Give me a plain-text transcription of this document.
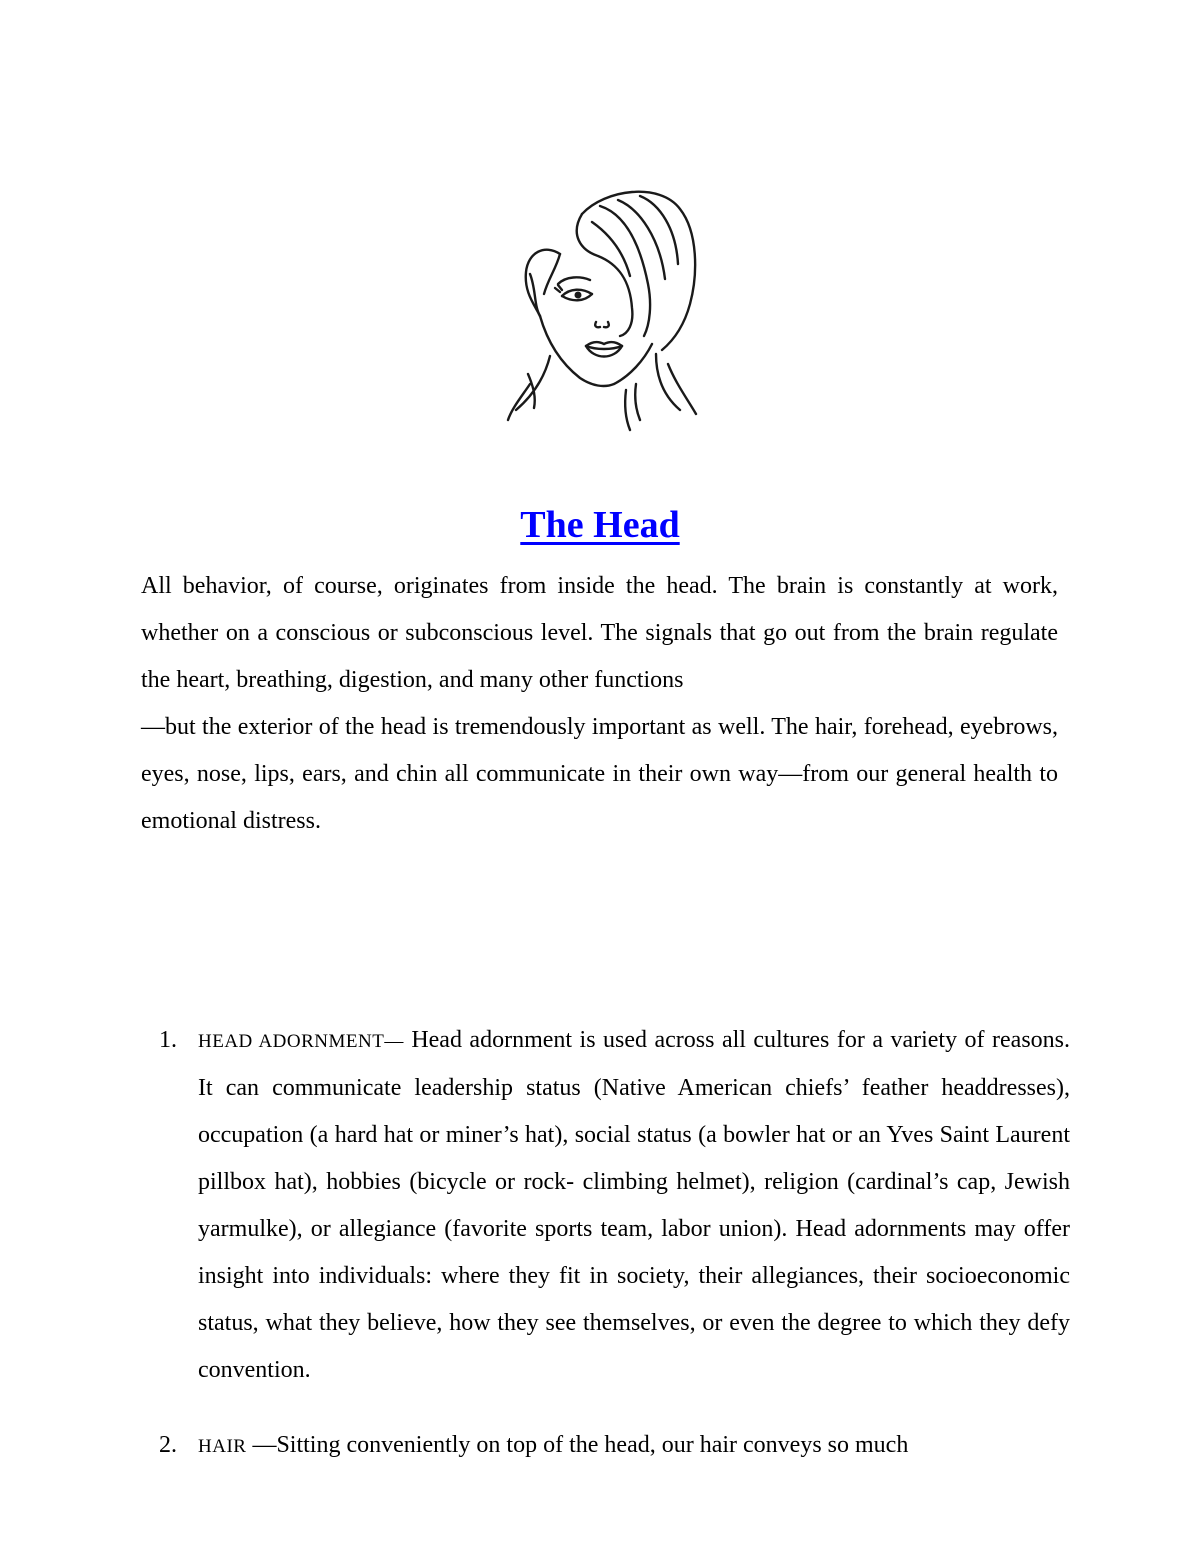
The Head

All behavior, of course, originates from inside the head. The brain is constantly at work, whether on a conscious or subconscious level. The signals that go out from the brain regulate the heart, breathing, digestion, and many other functions

—but the exterior of the head is tremendously important as well. The hair, forehead, eyebrows, eyes, nose, lips, ears, and chin all communicate in their own way—from our general health to emotional distress.

1. HEAD ADORNMENT— Head adornment is used across all cultures for a variety of reasons. It can communicate leadership status (Native American chiefs’ feather headdresses), occupation (a hard hat or miner’s hat), social status (a bowler hat or an Yves Saint Laurent pillbox hat), hobbies (bicycle or rock- climbing helmet), religion (cardinal’s cap, Jewish yarmulke), or allegiance (favorite sports team, labor union). Head adornments may offer insight into individuals: where they fit in society, their allegiances, their socioeconomic status, what they believe, how they see themselves, or even the degree to which they defy convention.
2. HAIR —Sitting conveniently on top of the head, our hair conveys so much
